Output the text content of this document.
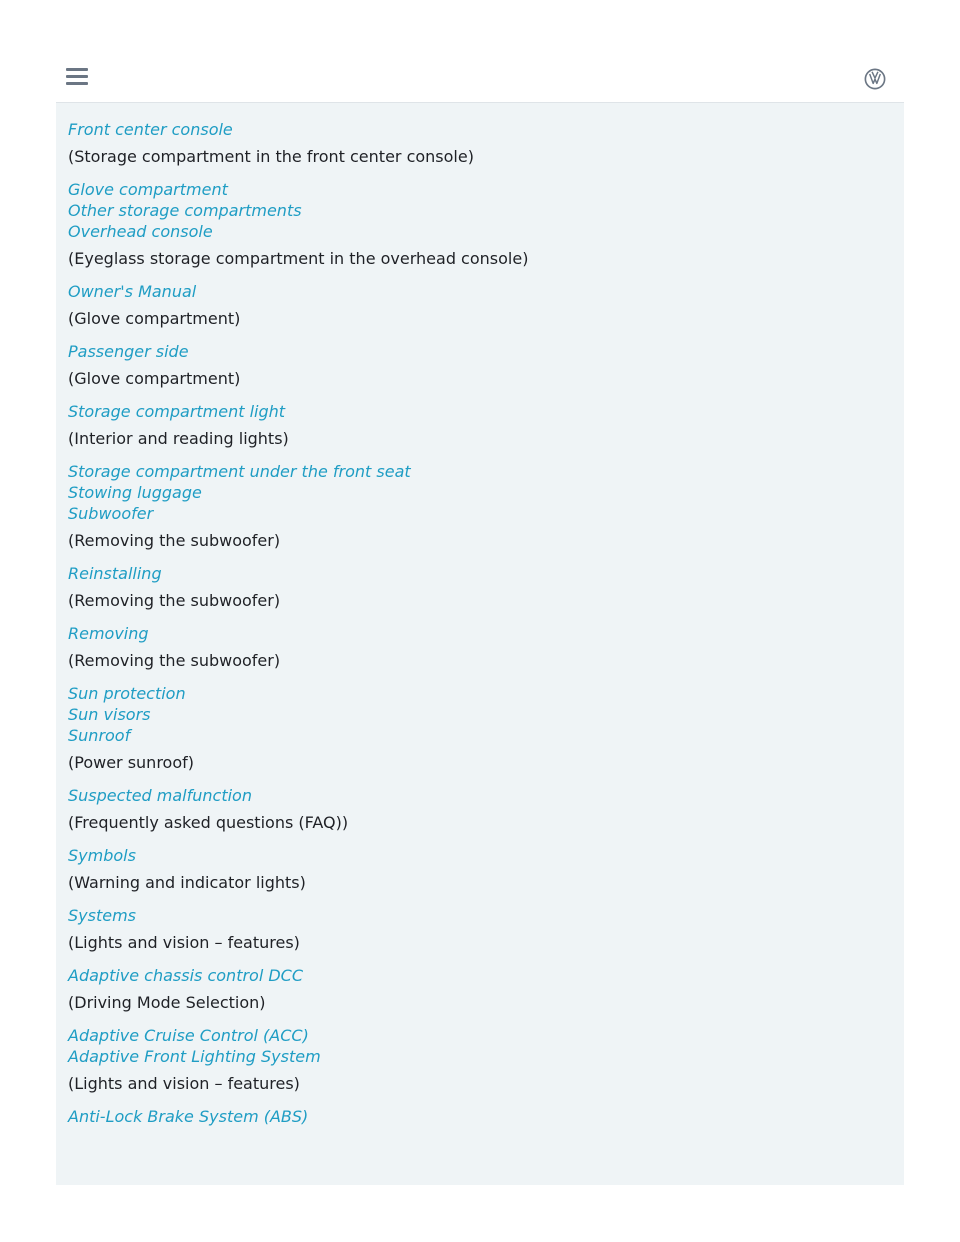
Front center console
(Storage compartment in the front center console)
Glove compartment
Other storage compartments
Overhead console
(Eyeglass storage compartment in the overhead console)
Owner's Manual
(Glove compartment)
Passenger side
(Glove compartment)
Storage compartment light
(Interior and reading lights)
Storage compartment under the front seat
Stowing luggage
Subwoofer
(Removing the subwoofer)
Reinstalling
(Removing the subwoofer)
Removing
(Removing the subwoofer)
Sun protection
Sun visors
Sunroof
(Power sunroof)
Suspected malfunction
(Frequently asked questions (FAQ))
Symbols
(Warning and indicator lights)
Systems
(Lights and vision – features)
Adaptive chassis control DCC
(Driving Mode Selection)
Adaptive Cruise Control (ACC)
Adaptive Front Lighting System
(Lights and vision – features)
Anti-Lock Brake System (ABS)
